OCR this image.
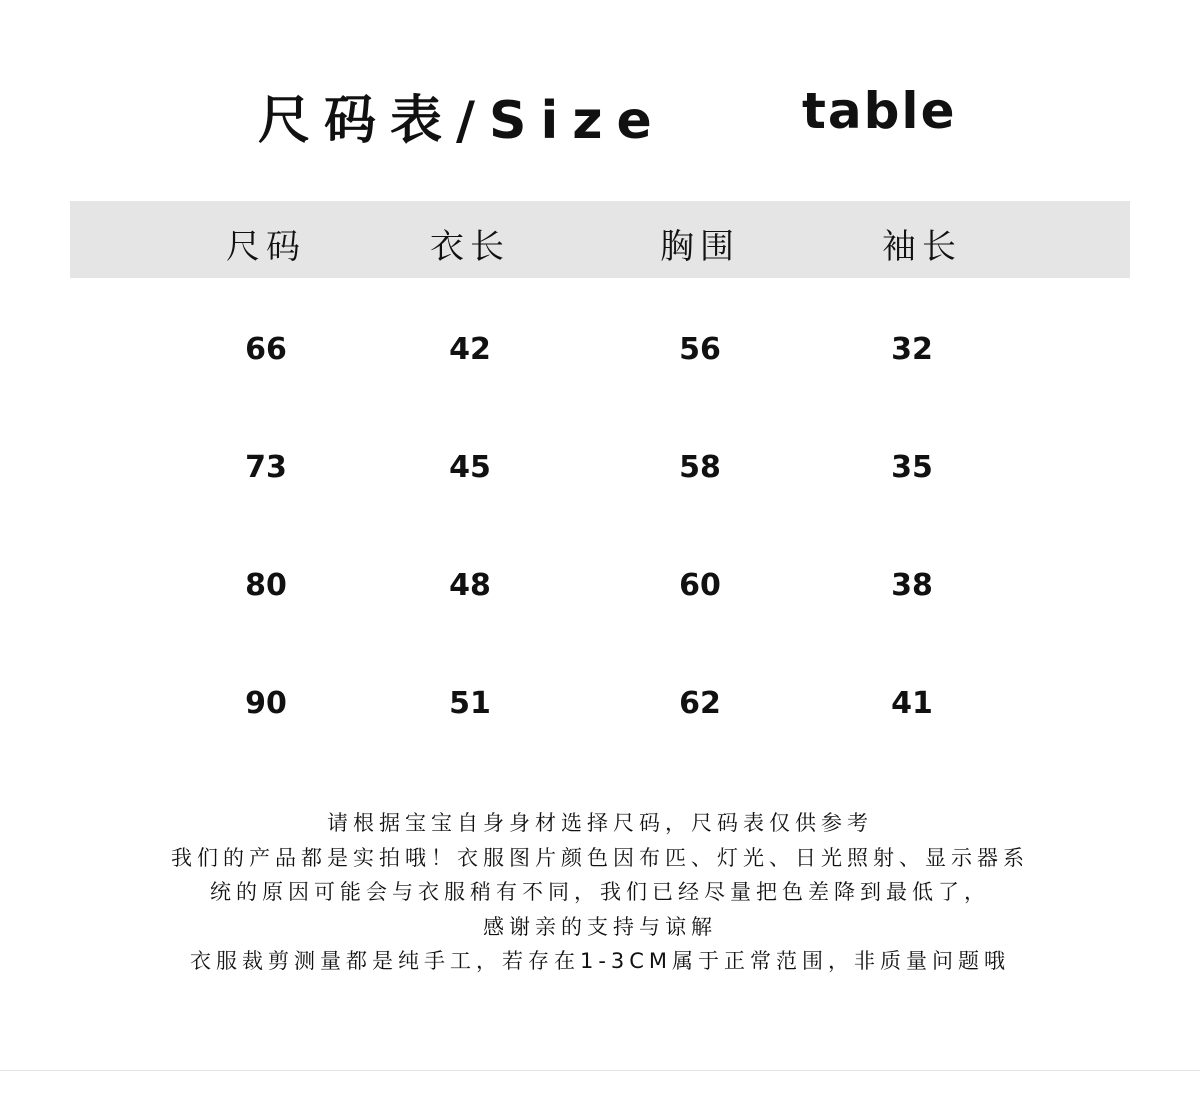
尺码表/Size	table
尺码	衣长	胸围	袖长
66	42	56	32
73	45	58	35
80	48	60	38
90	51	62	41
请根据宝宝自身身材选择尺码，尺码表仅供参考
我们的产品都是实拍哦！衣服图片颜色因布匹、灯光、日光照射、显示器系
统的原因可能会与衣服稍有不同，我们已经尽量把色差降到最低了，
感谢亲的支持与谅解
衣服裁剪测量都是纯手工，若存在1-3CM属于正常范围，非质量问题哦
